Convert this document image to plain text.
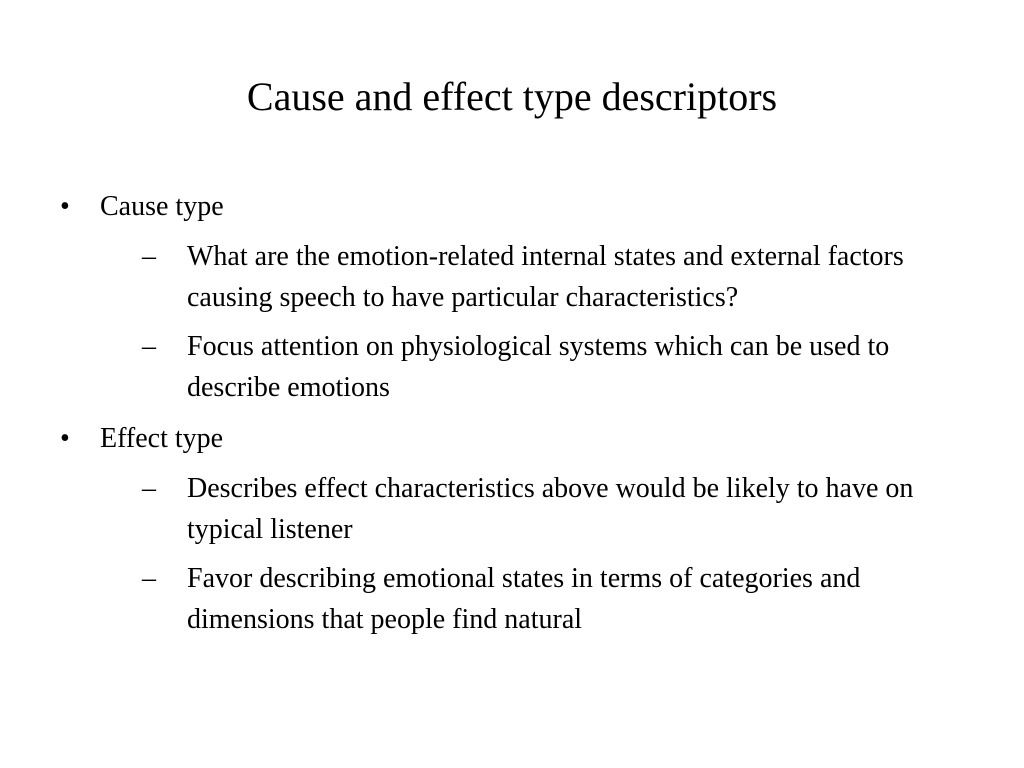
Cause and effect type descriptors
•	Cause type
–	What are the emotion-related internal states and external factors causing speech to have particular characteristics?
–	Focus attention on physiological systems which can be used to describe emotions
•	Effect type
–	Describes effect characteristics above would be likely to have on typical listener
–	Favor describing emotional states in terms of categories and dimensions that people find natural
